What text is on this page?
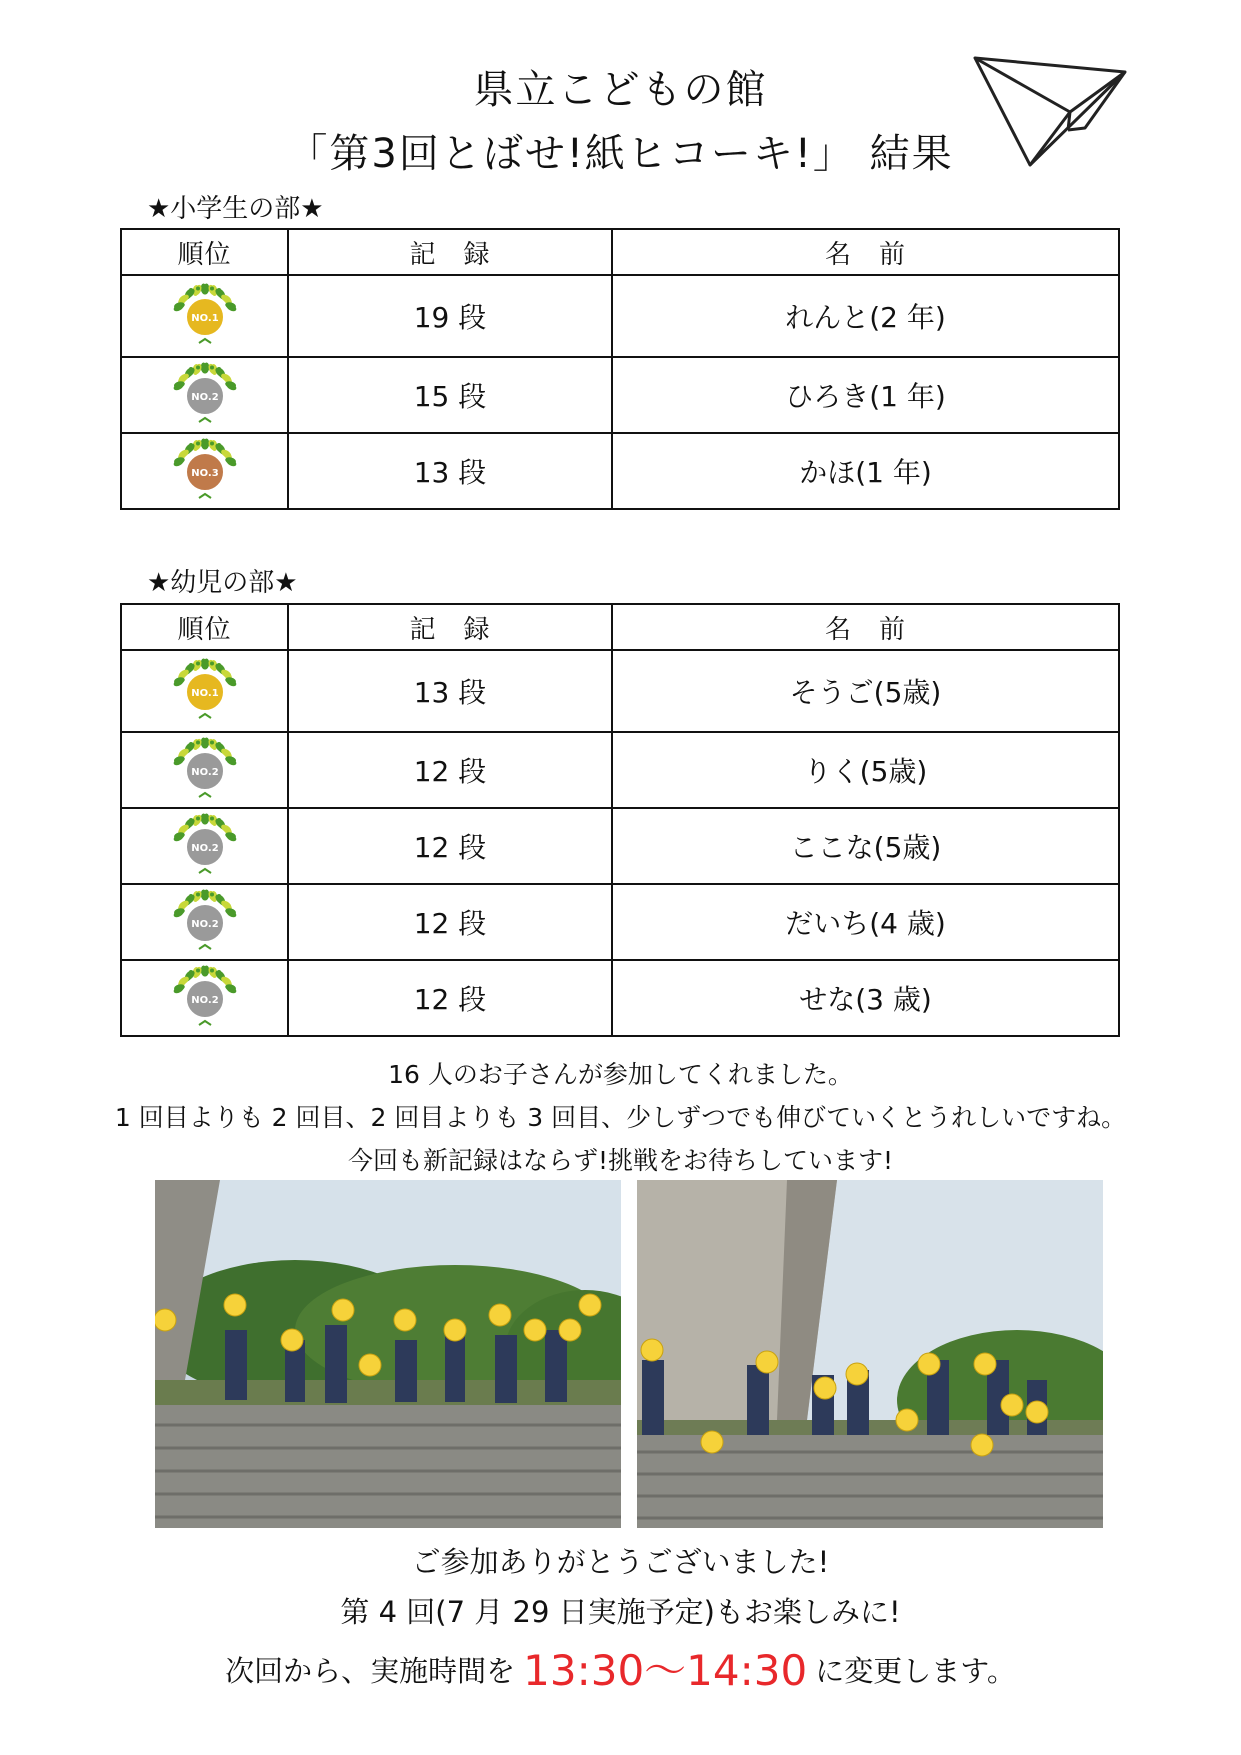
県立こどもの館
「第3回とばせ!紙ヒコーキ!」 結果
★小学生の部★
順位	記　録	名　前

NO.1	19 段	れんと(2 年)

NO.2	15 段	ひろき(1 年)

NO.3	13 段	かほ(1 年)
★幼児の部★
順位	記　録	名　前

NO.1	13 段	そうご(5歳)

NO.2	12 段	りく(5歳)

NO.2	12 段	ここな(5歳)

NO.2	12 段	だいち(4 歳)

NO.2	12 段	せな(3 歳)
16 人のお子さんが参加してくれました。
1 回目よりも 2 回目、2 回目よりも 3 回目、少しずつでも伸びていくとうれしいですね。
今回も新記録はならず!挑戦をお待ちしています!
ご参加ありがとうございました!
第 4 回(7 月 29 日実施予定)もお楽しみに!
次回から、実施時間を 13:30～14:30 に変更します。
